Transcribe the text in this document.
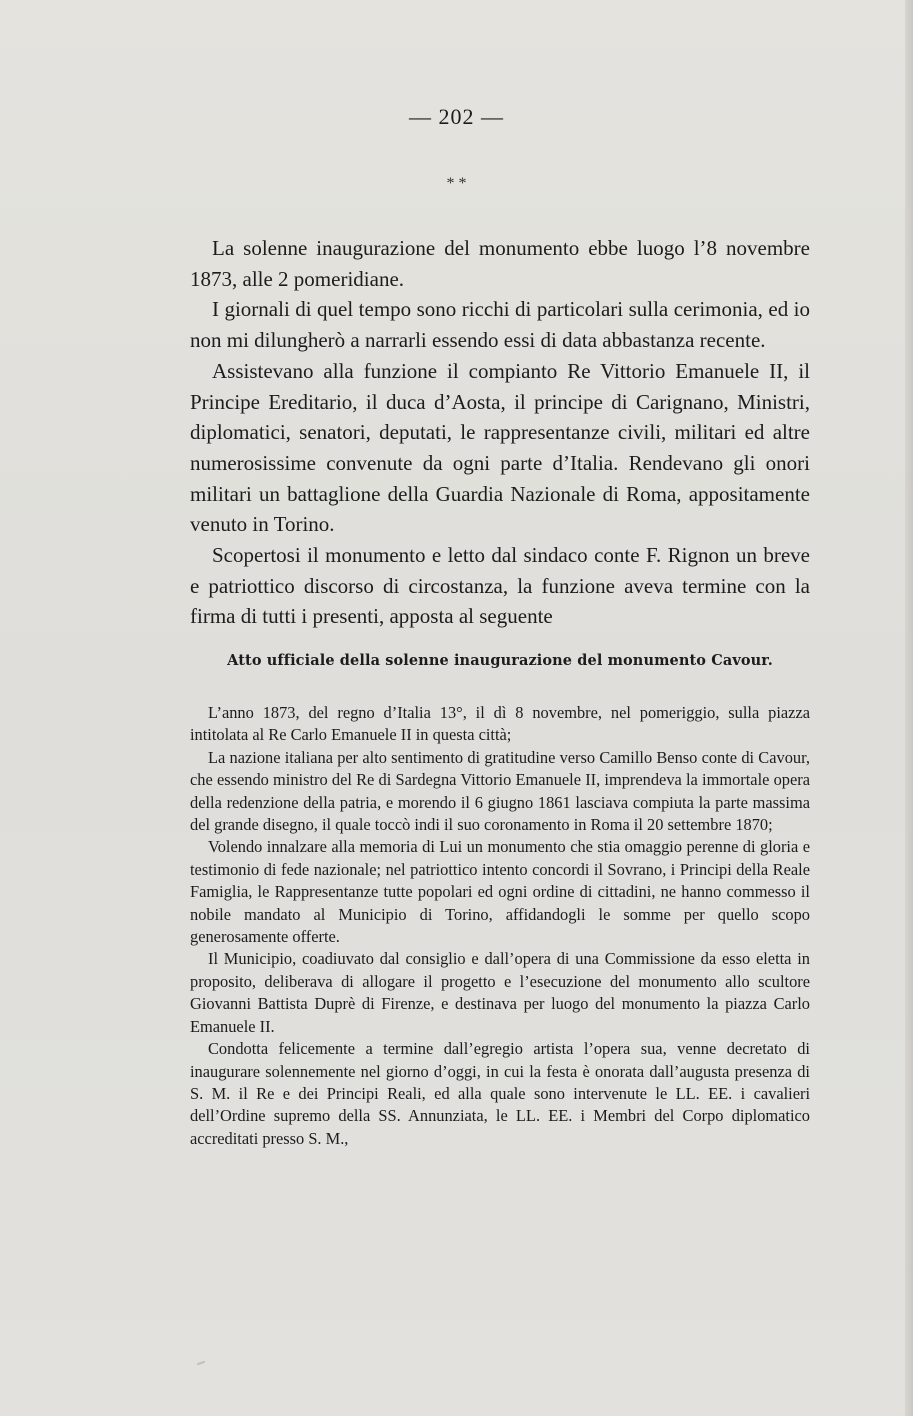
— 202 —
* *

La solenne inaugurazione del monumento ebbe luogo l’8 novembre 1873, alle 2 pomeridiane.

I giornali di quel tempo sono ricchi di particolari sulla cerimonia, ed io non mi dilungherò a narrarli essendo essi di data abbastanza recente.

Assistevano alla funzione il compianto Re Vittorio Emanuele II, il Principe Ereditario, il duca d’Aosta, il principe di Carignano, Ministri, diplomatici, senatori, deputati, le rappresentanze civili, militari ed altre numerosissime convenute da ogni parte d’Italia. Rendevano gli onori militari un battaglione della Guardia Nazionale di Roma, appositamente venuto in Torino.

Scopertosi il monumento e letto dal sindaco conte F. Rignon un breve e patriottico discorso di circostanza, la funzione aveva termine con la firma di tutti i presenti, apposta al seguente

Atto ufficiale della solenne inaugurazione del monumento Cavour.

L’anno 1873, del regno d’Italia 13°, il dì 8 novembre, nel pomeriggio, sulla piazza intitolata al Re Carlo Emanuele II in questa città;

La nazione italiana per alto sentimento di gratitudine verso Camillo Benso conte di Cavour, che essendo ministro del Re di Sardegna Vittorio Emanuele II, imprendeva la immortale opera della redenzione della patria, e morendo il 6 giugno 1861 lasciava compiuta la parte massima del grande disegno, il quale toccò indi il suo coronamento in Roma il 20 settembre 1870;

Volendo innalzare alla memoria di Lui un monumento che stia omaggio perenne di gloria e testimonio di fede nazionale; nel patriottico intento concordi il Sovrano, i Principi della Reale Famiglia, le Rappresentanze tutte popolari ed ogni ordine di cittadini, ne hanno commesso il nobile mandato al Municipio di Torino, affidandogli le somme per quello scopo generosamente offerte.

Il Municipio, coadiuvato dal consiglio e dall’opera di una Commissione da esso eletta in proposito, deliberava di allogare il progetto e l’esecuzione del monumento allo scultore Giovanni Battista Duprè di Firenze, e destinava per luogo del monumento la piazza Carlo Emanuele II.

Condotta felicemente a termine dall’egregio artista l’opera sua, venne decretato di inaugurare solennemente nel giorno d’oggi, in cui la festa è onorata dall’augusta presenza di S. M. il Re e dei Principi Reali, ed alla quale sono intervenute le LL. EE. i cavalieri dell’Ordine supremo della SS. Annunziata, le LL. EE. i Membri del Corpo diplomatico accreditati presso S. M.,
